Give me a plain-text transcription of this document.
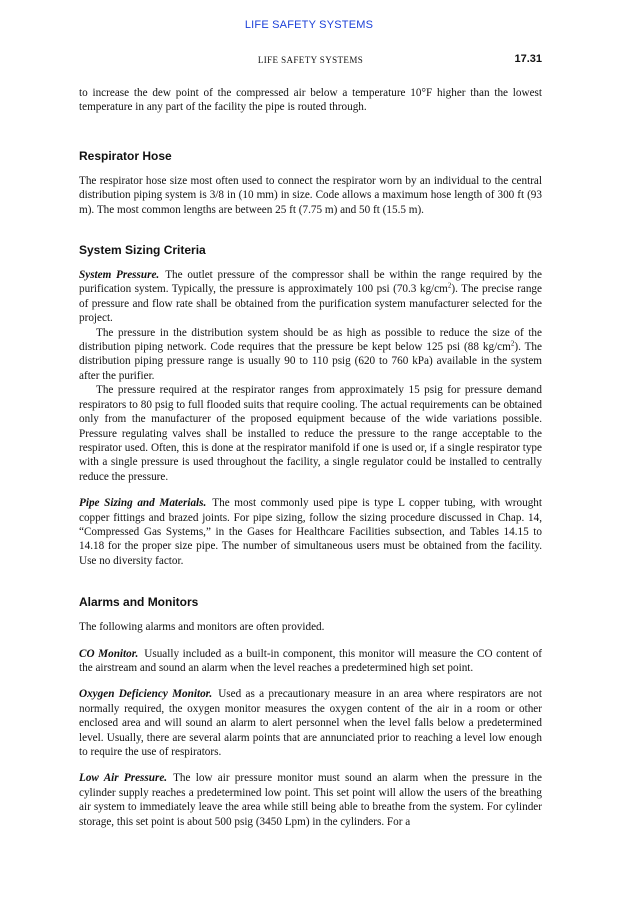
LIFE SAFETY SYSTEMS
LIFE SAFETY SYSTEMS	17.31

to increase the dew point of the compressed air below a temperature 10°F higher than the lowest temperature in any part of the facility the pipe is routed through.

Respirator Hose

The respirator hose size most often used to connect the respirator worn by an individual to the central distribution piping system is 3/8 in (10 mm) in size. Code allows a maximum hose length of 300 ft (93 m). The most common lengths are between 25 ft (7.75 m) and 50 ft (15.5 m).

System Sizing Criteria

System Pressure. The outlet pressure of the compressor shall be within the range required by the purification system. Typically, the pressure is approximately 100 psi (70.3 $kg/cm^2$). The precise range of pressure and flow rate shall be obtained from the purification system manufacturer selected for the project.

The pressure in the distribution system should be as high as possible to reduce the size of the distribution piping network. Code requires that the pressure be kept below 125 psi (88 $kg/cm^2$). The distribution piping pressure range is usually 90 to 110 psig (620 to 760 kPa) available in the system after the purifier.

The pressure required at the respirator ranges from approximately 15 psig for pressure demand respirators to 80 psig to full flooded suits that require cooling. The actual requirements can be obtained only from the manufacturer of the proposed equipment because of the wide variations possible. Pressure regulating valves shall be installed to reduce the pressure to the range acceptable to the respirator used. Often, this is done at the respirator manifold if one is used or, if a single respirator type with a single pressure is used throughout the facility, a single regulator could be installed to centrally reduce the pressure.

Pipe Sizing and Materials. The most commonly used pipe is type L copper tubing, with wrought copper fittings and brazed joints. For pipe sizing, follow the sizing procedure discussed in Chap. 14, “Compressed Gas Systems,” in the Gases for Healthcare Facilities subsection, and Tables 14.15 to 14.18 for the proper size pipe. The number of simultaneous users must be obtained from the facility. Use no diversity factor.

Alarms and Monitors

The following alarms and monitors are often provided.

CO Monitor. Usually included as a built-in component, this monitor will measure the CO content of the airstream and sound an alarm when the level reaches a predetermined high set point.

Oxygen Deficiency Monitor. Used as a precautionary measure in an area where respirators are not normally required, the oxygen monitor measures the oxygen content of the air in a room or other enclosed area and will sound an alarm to alert personnel when the level falls below a predetermined level. Usually, there are several alarm points that are annunciated prior to reaching a level low enough to require the use of respirators.

Low Air Pressure. The low air pressure monitor must sound an alarm when the pressure in the cylinder supply reaches a predetermined low point. This set point will allow the users of the breathing air system to immediately leave the area while still being able to breathe from the system. For cylinder storage, this set point is about 500 psig (3450 Lpm) in the cylinders. For a
